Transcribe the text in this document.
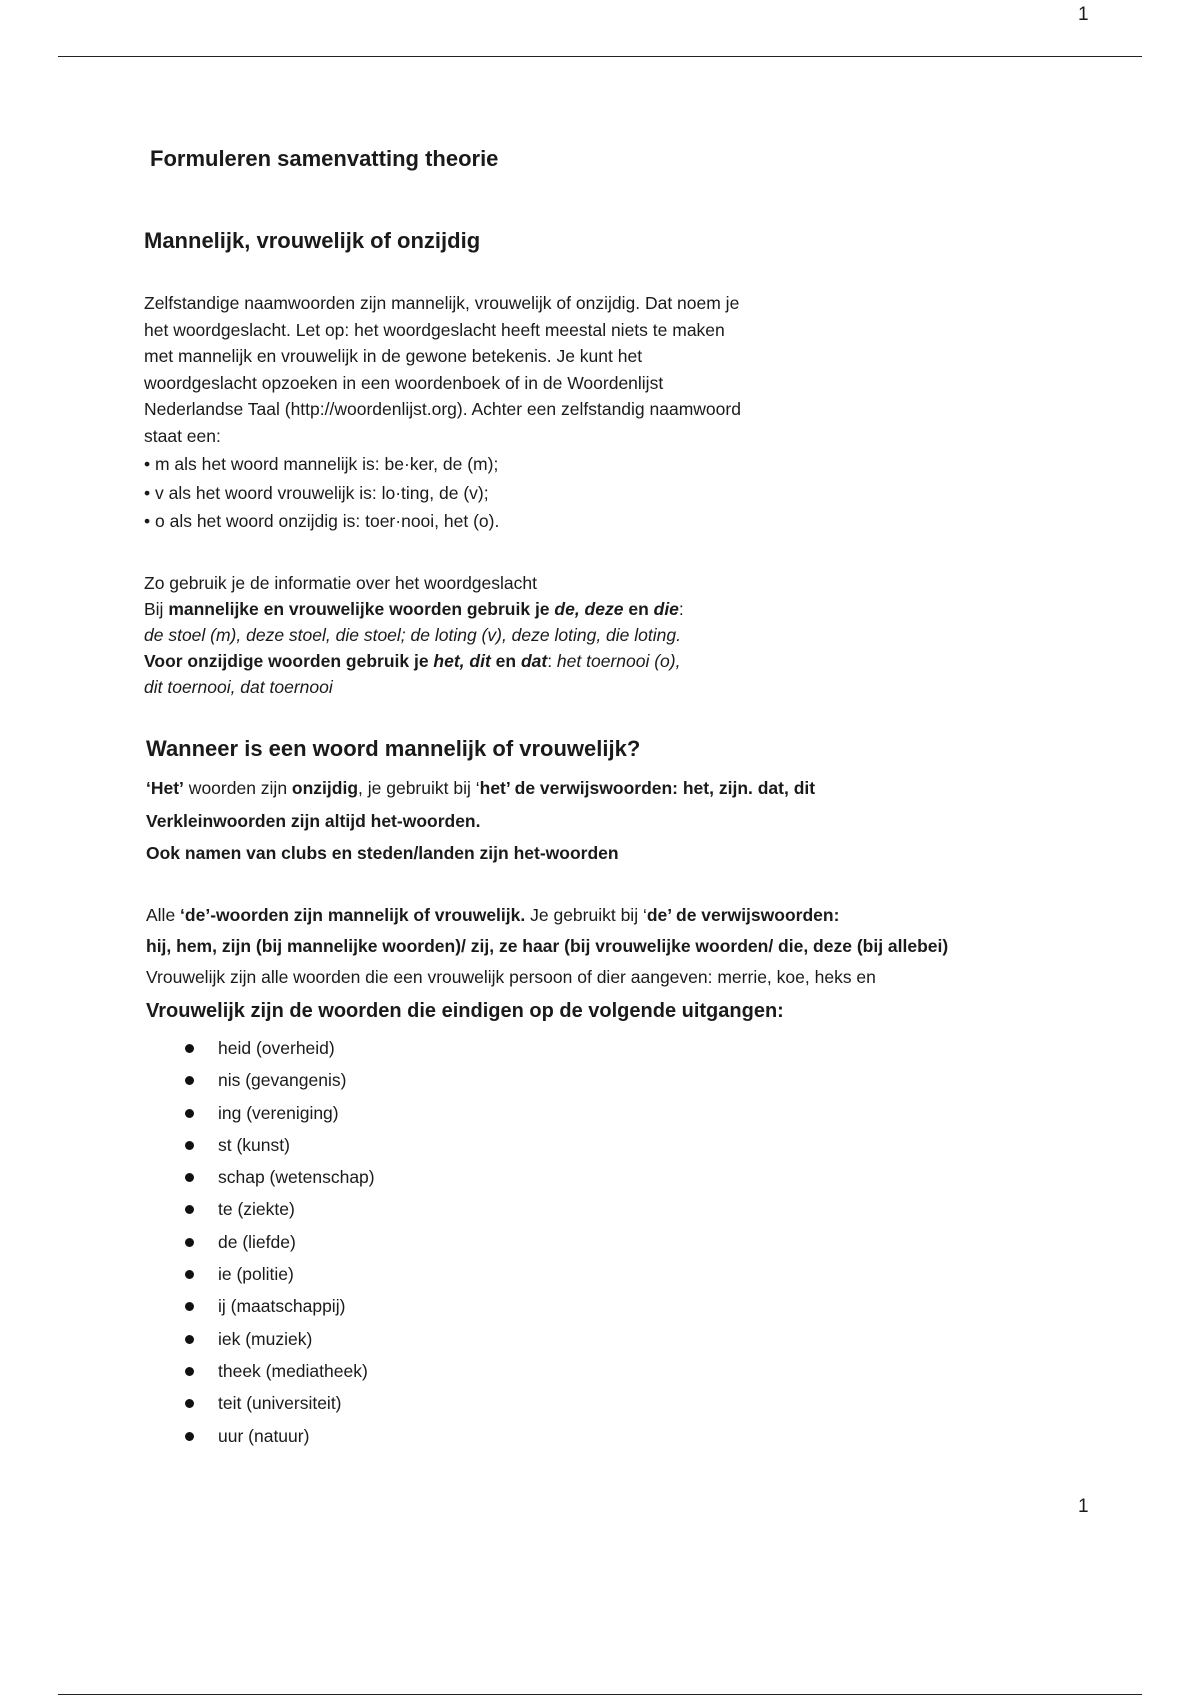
1
Formuleren samenvatting theorie
Mannelijk, vrouwelijk of onzijdig

Zelfstandige naamwoorden zijn mannelijk, vrouwelijk of onzijdig. Dat noem je
het woordgeslacht. Let op: het woordgeslacht heeft meestal niets te maken
met mannelijk en vrouwelijk in de gewone betekenis. Je kunt het
woordgeslacht opzoeken in een woordenboek of in de Woordenlijst
Nederlandse Taal (http://woordenlijst.org). Achter een zelfstandig naamwoord
staat een:

• m als het woord mannelijk is: be·ker, de (m);
• v als het woord vrouwelijk is: lo·ting, de (v);
• o als het woord onzijdig is: toer·nooi, het (o).
Zo gebruik je de informatie over het woordgeslacht
Bij mannelijke en vrouwelijke woorden gebruik je de, deze en die:
de stoel (m), deze stoel, die stoel; de loting (v), deze loting, die loting.
Voor onzijdige woorden gebruik je het, dit en dat: het toernooi (o),
dit toernooi, dat toernooi
Wanneer is een woord mannelijk of vrouwelijk?
‘Het’ woorden zijn onzijdig, je gebruikt bij ‘het’ de verwijswoorden: het, zijn. dat, dit
Verkleinwoorden zijn altijd het-woorden.
Ook namen van clubs en steden/landen zijn het-woorden
Alle ‘de’-woorden zijn mannelijk of vrouwelijk. Je gebruikt bij ‘de’ de verwijswoorden:
hij, hem, zijn (bij mannelijke woorden)/ zij, ze haar (bij vrouwelijke woorden/ die, deze (bij allebei)
Vrouwelijk zijn alle woorden die een vrouwelijk persoon of dier aangeven: merrie, koe, heks en
Vrouwelijk zijn de woorden die eindigen op de volgende uitgangen:
heid (overheid)
nis (gevangenis)
ing (vereniging)
st (kunst)
schap (wetenschap)
te (ziekte)
de (liefde)
ie (politie)
ij (maatschappij)
iek (muziek)
theek (mediatheek)
teit (universiteit)
uur (natuur)
1
